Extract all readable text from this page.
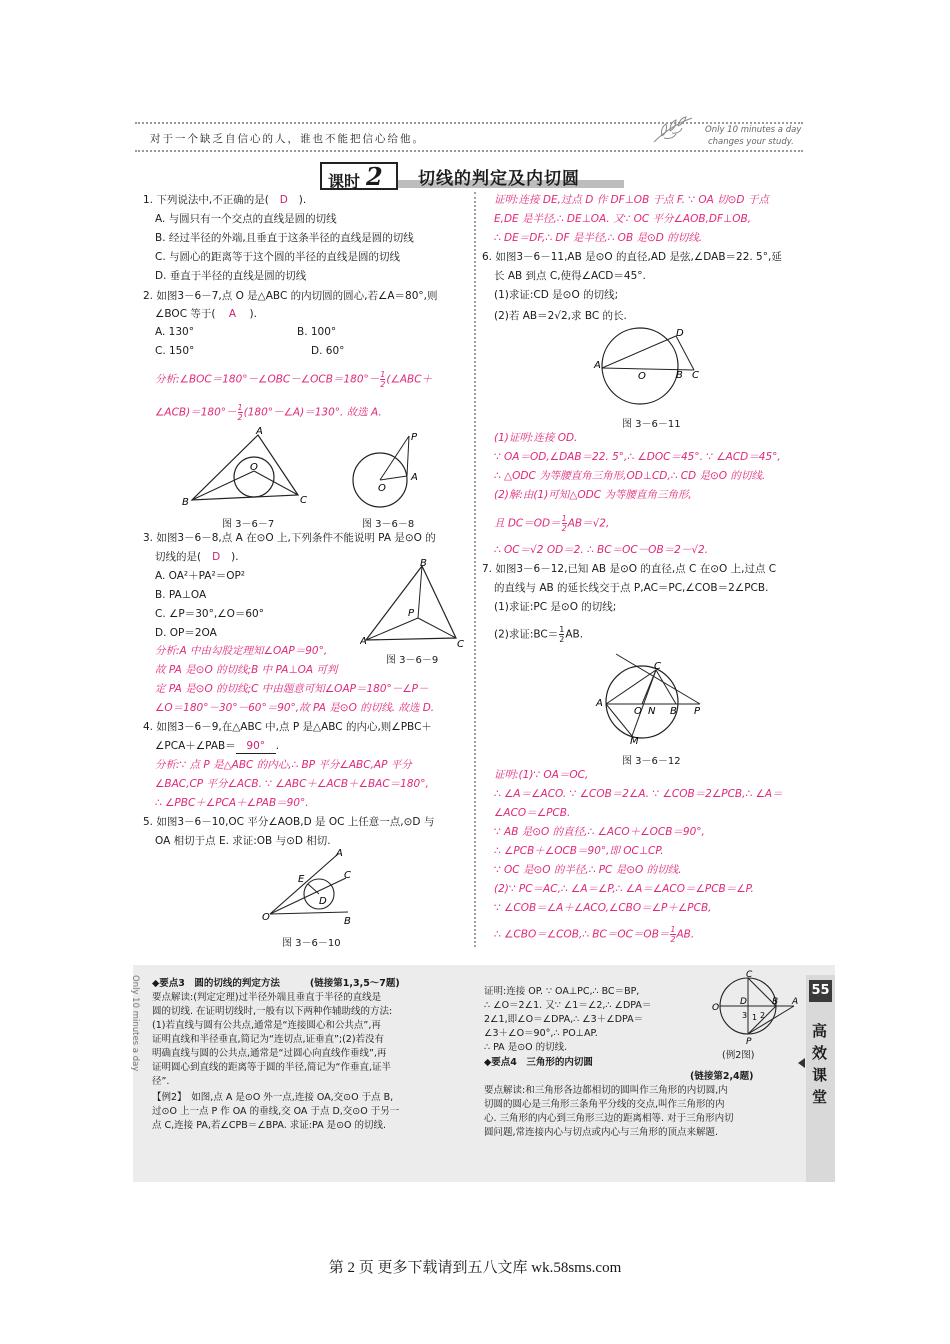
对于一个缺乏自信心的人，谁也不能把信心给他。
Only 10 minutes a day
changes your study.
课时 2 切线的判定及内切圆
1. 下列说法中,不正确的是( D ).
A. 与圆只有一个交点的直线是圆的切线
B. 经过半径的外端,且垂直于这条半径的直线是圆的切线
C. 与圆心的距离等于这个圆的半径的直线是圆的切线
D. 垂直于半径的直线是圆的切线
2. 如图3－6－7,点 O 是△ABC 的内切圆的圆心,若∠A＝80°,则
∠BOC 等于( A ).
A. 130°	B. 100°
C. 150°	D. 60°
分析:∠BOC＝180°－∠OBC－∠OCB＝180°－ $\frac{1}{2}$ (∠ABC＋
∠ACB)＝180°－ $\frac{1}{2}$ (180°－∠A)＝130°. 故选 A.
A
B	C
O
图 3－6－7
P
A
O
图 3－6－8
3. 如图3－6－8,点 A 在⊙O 上,下列条件不能说明 PA 是⊙O 的
切线的是( D ).
A. OA²＋PA²＝OP²
B. PA⊥OA
C. ∠P＝30°,∠O＝60°
D. OP＝2OA
B
P
A	C
图 3－6－9
分析:A 中由勾股定理知∠OAP＝90°,
故 PA 是⊙O 的切线;B 中 PA⊥OA 可判
定 PA 是⊙O 的切线;C 中由题意可知∠OAP＝180°－∠P－
∠O＝180°－30°－60°＝90°,故 PA 是⊙O 的切线. 故选 D.
4. 如图3－6－9,在△ABC 中,点 P 是△ABC 的内心,则∠PBC＋
∠PCA＋∠PAB＝ 90° .
分析:∵ 点 P 是△ABC 的内心,∴ BP 平分∠ABC,AP 平分
∠BAC,CP 平分∠ACB. ∵ ∠ABC＋∠ACB＋∠BAC＝180°,
∴ ∠PBC＋∠PCA＋∠PAB＝90°.
5. 如图3－6－10,OC 平分∠AOB,D 是 OC 上任意一点,⊙D 与
OA 相切于点 E. 求证:OB 与⊙D 相切.
A
E	C
D
O	B
图 3－6－10
证明:连接 DE,过点 D 作 DF⊥OB 于点 F. ∵ OA 切⊙D 于点
E,DE 是半径,∴ DE⊥OA. 又∵ OC 平分∠AOB,DF⊥OB,
∴ DE＝DF,∴ DF 是半径,∴ OB 是⊙D 的切线.
6. 如图3－6－11,AB 是⊙O 的直径,AD 是弦,∠DAB＝22. 5°,延
长 AB 到点 C,使得∠ACD＝45°.
(1)求证:CD 是⊙O 的切线;
(2)若 AB＝2√2,求 BC 的长.
D
A
O	B C
图 3－6－11
(1)证明:连接 OD.
∵ OA＝OD,∠DAB＝22. 5°,∴ ∠DOC＝45°. ∵ ∠ACD＝45°,
∴ △ODC 为等腰直角三角形,OD⊥CD,∴ CD 是⊙O 的切线.
(2)解:由(1)可知△ODC 为等腰直角三角形,
且 $DC=OD= \frac{1}{2} AB=√2$,
∴ OC＝√2 OD＝2. ∴ BC＝OC－OB＝2－√2.
7. 如图3－6－12,已知 AB 是⊙O 的直径,点 C 在⊙O 上,过点 C
的直线与 AB 的延长线交于点 P,AC＝PC,∠COB＝2∠PCB.
(1)求证:PC 是⊙O 的切线;
(2)求证:BC＝ $\frac{1}{2}$ AB.
C
A
O N B P
M
图 3－6－12
证明:(1)∵ OA＝OC,
∴ ∠A＝∠ACO. ∵ ∠COB＝2∠A. ∵ ∠COB＝2∠PCB,∴ ∠A＝
∠ACO＝∠PCB.
∵ AB 是⊙O 的直径,∴ ∠ACO＋∠OCB＝90°,
∴ ∠PCB＋∠OCB＝90°,即 OC⊥CP.
∵ OC 是⊙O 的半径,∴ PC 是⊙O 的切线.
(2)∵ PC＝AC,∴ ∠A＝∠P,∴ ∠A＝∠ACO＝∠PCB＝∠P.
∵ ∠COB＝∠A＋∠ACO,∠CBO＝∠P＋∠PCB,
∴ ∠CBO＝∠COB,∴ $BC=OC=OB= \frac{1}{2}$ AB.
Only 10 minutes a day ◆要点3　圆的切线的判定方法	(链接第1,3,5～7题)
要点解读:(判定定理)过半径外端且垂直于半径的直线是
圆的切线. 在证明切线时,一般有以下两种作辅助线的方法:
(1)若直线与圆有公共点,通常是“连接圆心和公共点”,再
证明直线和半径垂直,简记为“连切点,证垂直”;(2)若没有
明确直线与圆的公共点,通常是“过圆心向直线作垂线”,再
证明圆心到直线的距离等于圆的半径,简记为“作垂直,证半
径”.
【例2】　如图,点 A 是⊙O 外一点,连接 OA,交⊙O 于点 B,
过⊙O 上一点 P 作 OA 的垂线,交 OA 于点 D,交⊙O 于另一
点 C,连接 PA,若∠CPB＝∠BPA. 求证:PA 是⊙O 的切线.
证明:连接 OP. ∵ OA⊥PC,∴ BC＝BP,
∴ ∠O＝2∠1. 又∵ ∠1＝∠2,∴ ∠DPA＝
2∠1,即∠O＝∠DPA,∴ ∠3＋∠DPA＝
∠3＋∠O＝90°,∴ PO⊥AP.
∴ PA 是⊙O 的切线.
C
O
D	B A
P
1 2
3
(例2图)
◆要点4　三角形的内切圆
(链接第2,4题)
要点解读:和三角形各边都相切的圆叫作三角形的内切圆,内
切圆的圆心是三角形三条角平分线的交点,叫作三角形的内
心. 三角形的内心到三角形三边的距离相等. 对于三角形内切
圆问题,常连接内心与切点或内心与三角形的顶点来解题.
55
高
效
课
堂
第 2 页 更多下载请到五八文库 wk.58sms.com
